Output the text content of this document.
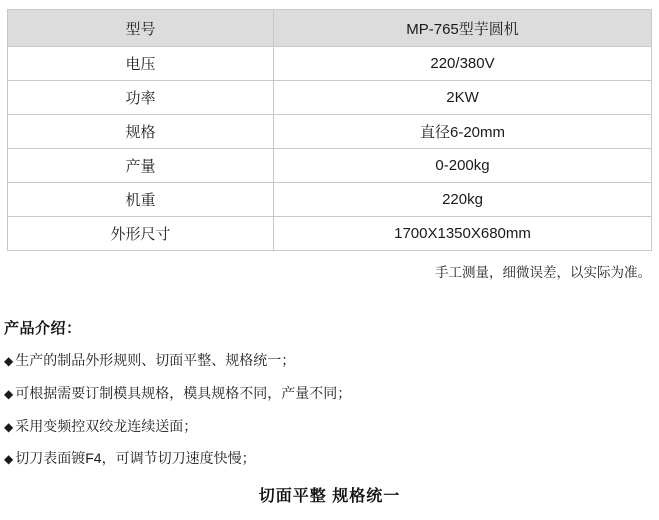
型号	MP-765型芋圆机
电压	220/380V
功率	2KW
规格	直径6-20mm
产量	0-200kg
机重	220kg
外形尺寸	1700X1350X680mm
手工测量，细微误差，以实际为准。
产品介绍：
◆ 生产的制品外形规则、切面平整、规格统一；
◆ 可根据需要订制模具规格，模具规格不同，产量不同；
◆ 采用变频控双绞龙连续送面；
◆ 切刀表面镀F4，可调节切刀速度快慢；
切面平整 规格统一
